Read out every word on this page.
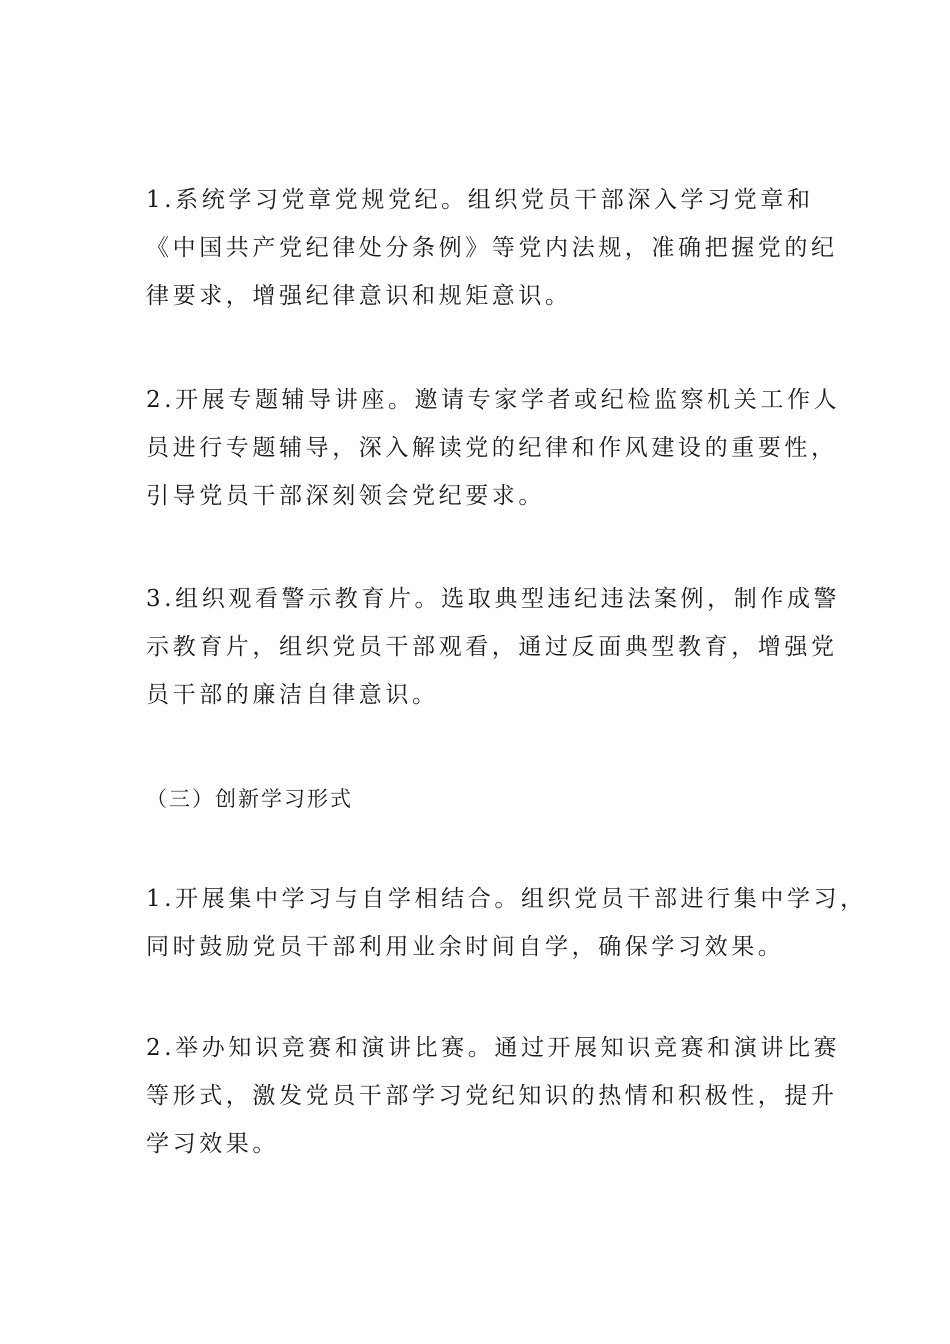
1.系统学习党章党规党纪。组织党员干部深入学习党章和
《中国共产党纪律处分条例》等党内法规，准确把握党的纪
律要求，增强纪律意识和规矩意识。

2.开展专题辅导讲座。邀请专家学者或纪检监察机关工作人
员进行专题辅导，深入解读党的纪律和作风建设的重要性，
引导党员干部深刻领会党纪要求。

3.组织观看警示教育片。选取典型违纪违法案例，制作成警
示教育片，组织党员干部观看，通过反面典型教育，增强党
员干部的廉洁自律意识。

（三）创新学习形式

1.开展集中学习与自学相结合。组织党员干部进行集中学习，
同时鼓励党员干部利用业余时间自学，确保学习效果。

2.举办知识竞赛和演讲比赛。通过开展知识竞赛和演讲比赛
等形式，激发党员干部学习党纪知识的热情和积极性，提升
学习效果。
